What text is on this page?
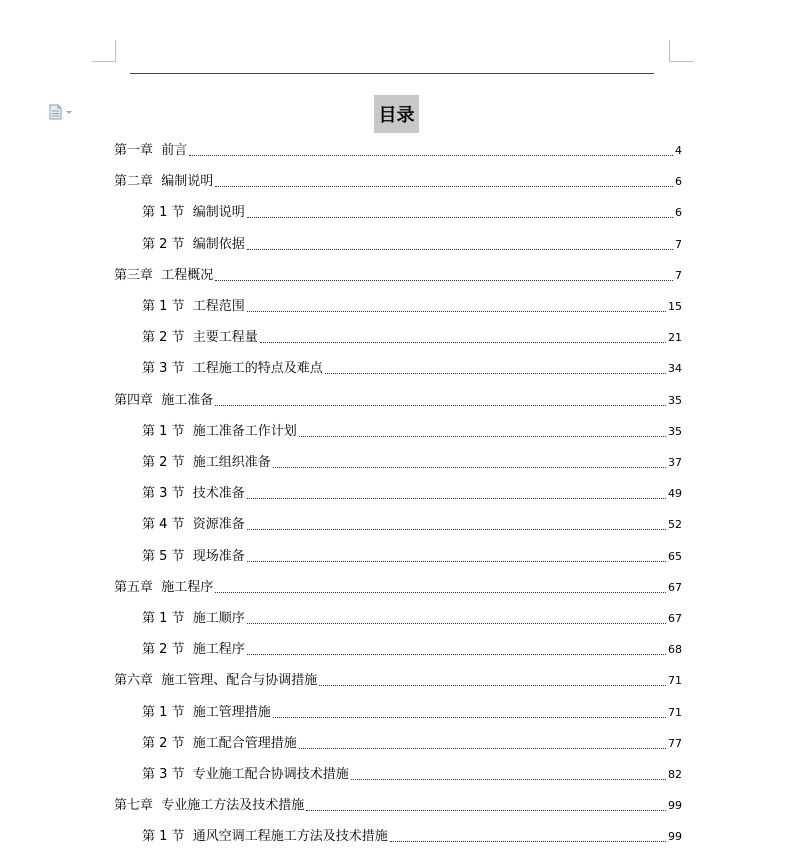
目录
第一章  前言	4
第二章  编制说明	6
第 1 节  编制说明	6
第 2 节  编制依据	7
第三章  工程概况	7
第 1 节  工程范围	15
第 2 节  主要工程量	21
第 3 节  工程施工的特点及难点	34
第四章  施工准备	35
第 1 节  施工准备工作计划	35
第 2 节  施工组织准备	37
第 3 节  技术准备	49
第 4 节  资源准备	52
第 5 节  现场准备	65
第五章  施工程序	67
第 1 节  施工顺序	67
第 2 节  施工程序	68
第六章  施工管理、配合与协调措施	71
第 1 节  施工管理措施	71
第 2 节  施工配合管理措施	77
第 3 节  专业施工配合协调技术措施	82
第七章  专业施工方法及技术措施	99
第 1 节  通风空调工程施工方法及技术措施	99
